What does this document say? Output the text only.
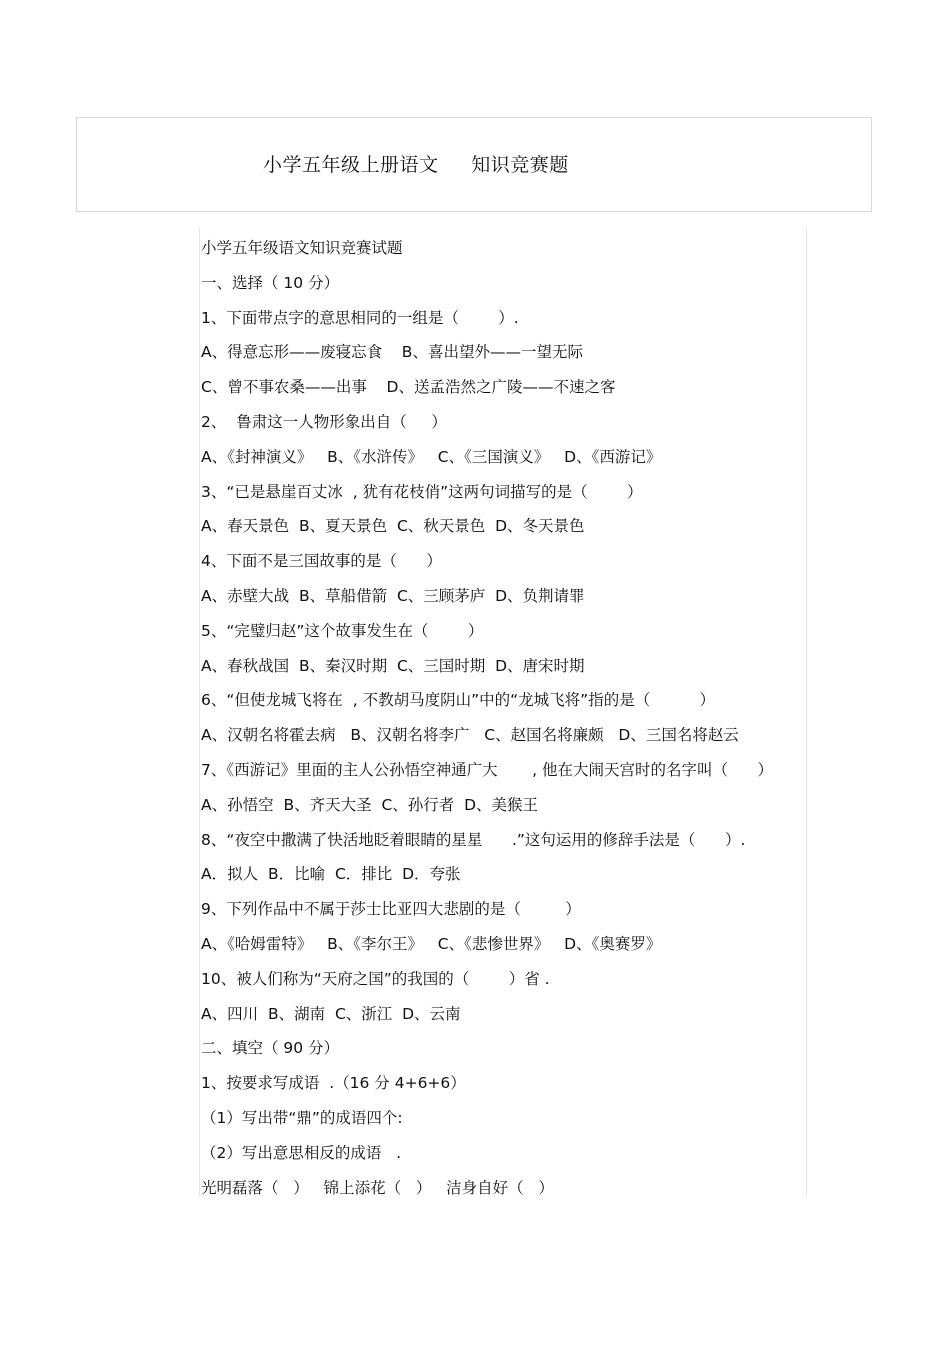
小学五年级上册语文     知识竞赛题
小学五年级语文知识竞赛试题
一、选择（ 10 分）
1、下面带点字的意思相同的一组是（        ）.
A、得意忘形——废寝忘食    B、喜出望外——一望无际
C、曾不事农桑——出事    D、送孟浩然之广陵——不速之客
2、  鲁肃这一人物形象出自（     ）
A、《封神演义》   B、《水浒传》   C、《三国演义》   D、《西游记》
3、“已是悬崖百丈冰  , 犹有花枝俏”这两句词描写的是（        ）
A、春天景色  B、夏天景色  C、秋天景色  D、冬天景色
4、下面不是三国故事的是（      ）
A、赤壁大战  B、草船借箭  C、三顾茅庐  D、负荆请罪
5、“完璧归赵”这个故事发生在（        ）
A、春秋战国  B、秦汉时期  C、三国时期  D、唐宋时期
6、“但使龙城飞将在  , 不教胡马度阴山”中的“龙城飞将”指的是（          ）
A、汉朝名将霍去病   B、汉朝名将李广   C、赵国名将廉颇   D、三国名将赵云
7、《西游记》里面的主人公孙悟空神通广大       , 他在大闹天宫时的名字叫（      ）
A、孙悟空  B、齐天大圣  C、孙行者  D、美猴王
8、“夜空中撒满了快活地眨着眼睛的星星      .”这句运用的修辞手法是（      ）.
A．拟人  B．比喻  C．排比  D．夸张
9、下列作品中不属于莎士比亚四大悲剧的是（         ）
A、《哈姆雷特》   B、《李尔王》   C、《悲惨世界》   D、《奥赛罗》
10、被人们称为“天府之国”的我国的（        ）省 .
A、四川  B、湖南  C、浙江  D、云南
二、填空（ 90 分）
1、按要求写成语  .（16 分 4+6+6）
（1）写出带“鼎”的成语四个:
（2）写出意思相反的成语   .
光明磊落（   ）   锦上添花（   ）   洁身自好（   ）
